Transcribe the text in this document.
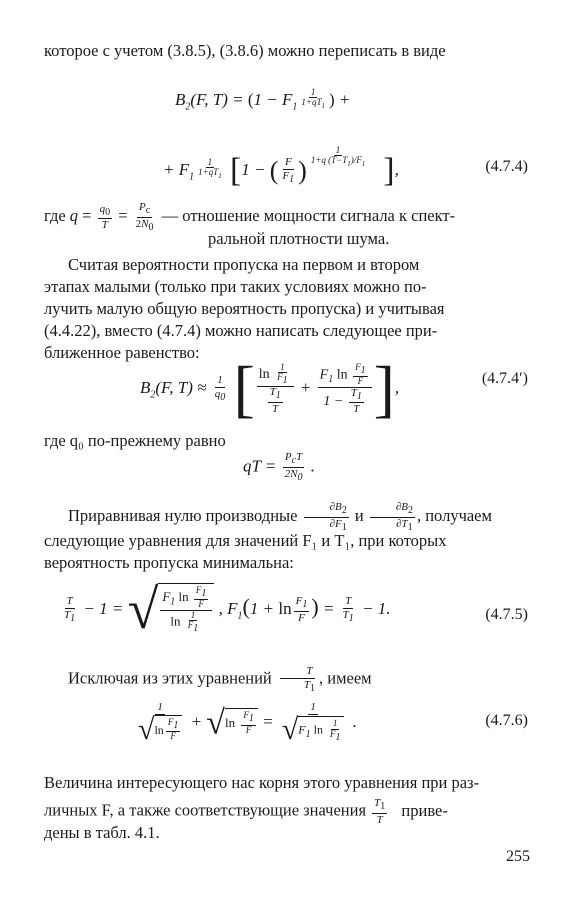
которое с учетом (3.8.5), (3.8.6) можно переписать в виде
$B_2(F$, $T) = (1 - F_1$ $^{\frac{1}{1+qT_1}}$ ) +
+ $F_1$ $^{\frac{1}{1+qT_1}}$ [1 − ( $\frac{F}{F_1}$ ) $^{\frac{1}{1+q (T-T_1)/F_1}}$ ],	(4.7.4)
где $q = \frac{q_0}{T} = \frac{P_c}{2N_0}$ — отношение мощности сигнала к спект-
ральной плотности шума.
Считая вероятности пропуска на первом и втором
этапах малыми (только при таких условиях можно по-
лучить малую общую вероятность пропуска) и учитывая
(4.4.22), вместо (4.7.4) можно написать следующее при-
ближенное равенство:
$B_2(F$, $T) \approx \frac{1}{q_0}$ [ $\frac{\ln \frac{1}{F_1}}{\frac{T_1}{T}} + \frac{F_1 \ln \frac{F_1}{F}}{1 - \frac{T_1}{T}}$ ],	(4.7.4′)
где q₀ по-прежнему равно
qT = $\frac{P_cT}{2N_0}$ .
Приравнивая нулю производные $\frac{\partial B_2}{\partial F_1}$ и $\frac{\partial B_2}{\partial T_1}$ , получаем
следующие уравнения для значений F₁ и T₁, при которых
вероятность пропуска минимальна:
$\frac{T}{T_1} - 1$ = √ $\frac{F_1 \ln \frac{F_1}{F}}{\ln \frac{1}{F_1}}$ , $F_1(1 + \ln \frac{F_1}{F}$ ) = $\frac{T}{T_1} - 1$.	(4.7.5)
Исключая из этих уравнений $\frac{T}{T_1}$ , имеем
$\frac{1}{√\ln \frac{F_1}{F}} + √\ln \frac{F_1}{F} = \frac{1}{√F_1 \ln \frac{1}{F_1}}$ .	(4.7.6)
Величина интересующего нас корня этого уравнения при раз-
личных F, а также соответствующие значения $\frac{T_1}{T}$ приве-
дены в табл. 4.1.
255
